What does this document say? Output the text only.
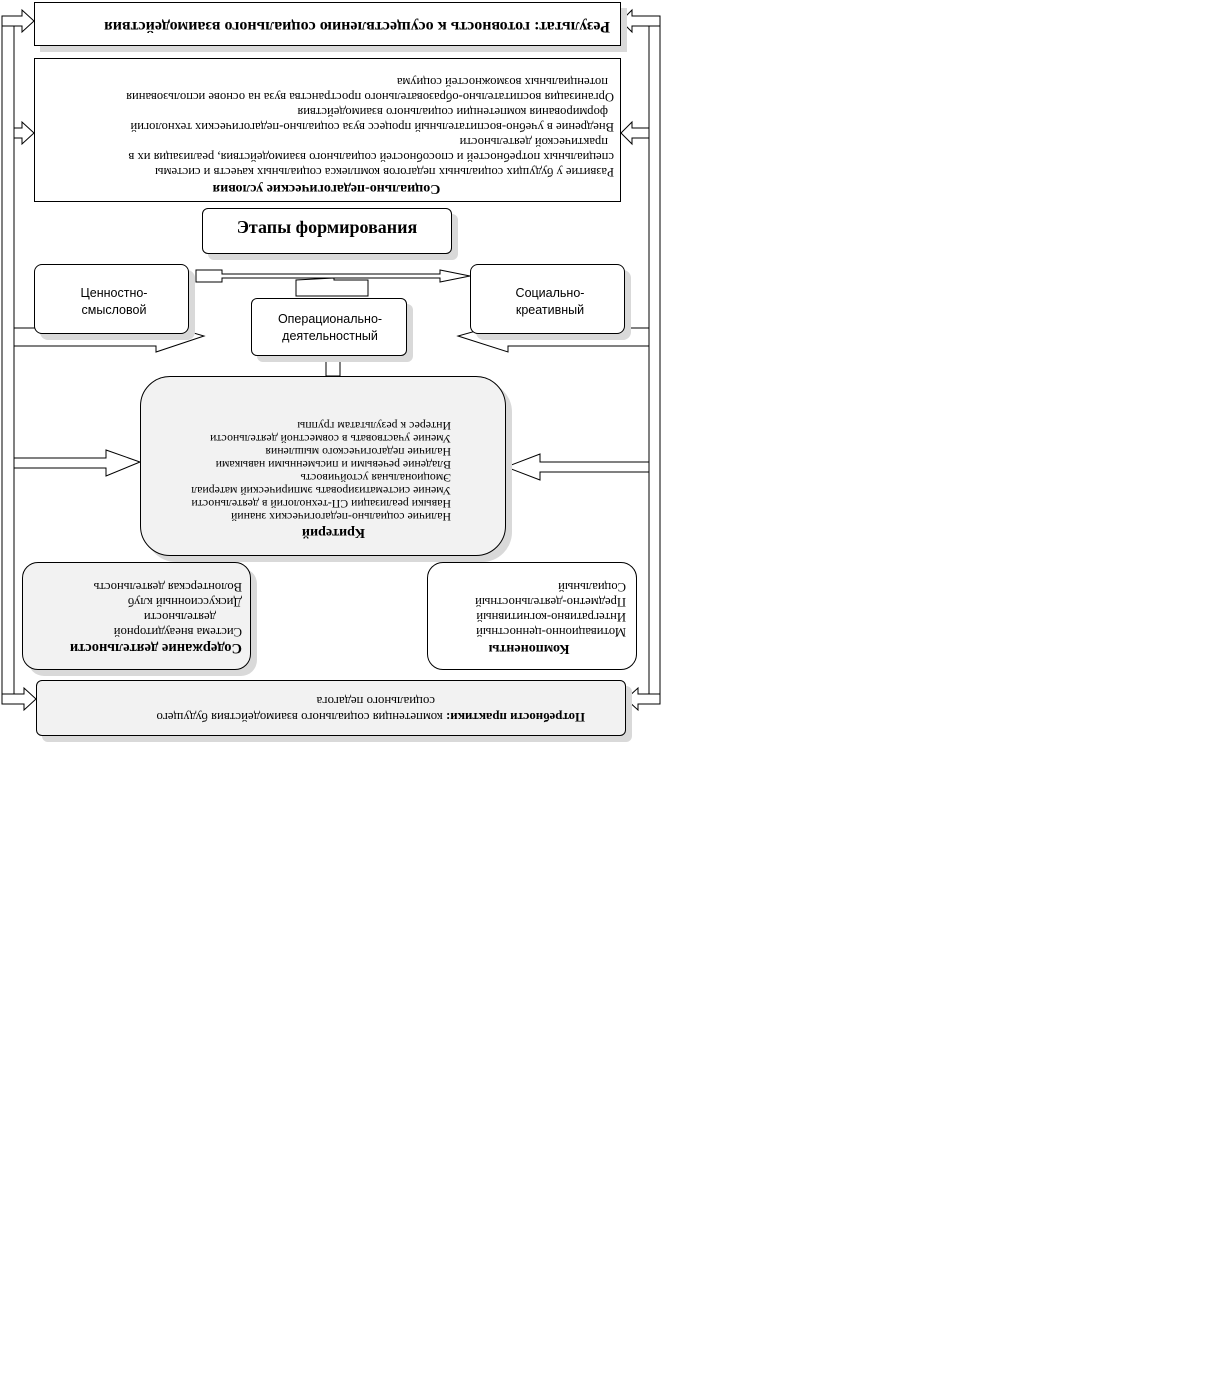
Результат: готовность к осуществлению социального взаимодействия
Социально-педагогические условия
Развитие у будущих социальных педагогов комплекса социальных качеств и системы
специальных потребностей и способностей социального взаимодействия, реализация их в
практической деятельности
Внедрение в учебно-воспитательный процесс вуза социально-педагогических технологий
формирования компетенции социального взаимодействия
Организация воспитательно-образовательного пространства вуза на основе использования
потенциальных возможностей социума
Этапы формирования
Ценностно-смысловой
Операционально-деятельностный
Социально-креативный
Критерий
Наличие социально-педагогических знаний
Навыки реализации СП-технологий в деятельности
Умение систематизировать эмпирический материал
Эмоциональная устойчивость
Владение речевыми и письменными навыками
Наличие педагогического мышления
Умение участвовать в совместной деятельности
Интерес к результатам группы
Содержание деятельности
Система внеаудиторной
деятельности
Дискуссионный клуб
Волонтерская деятельность
Компоненты
Мотивационно-ценностный
Интегративно-когнитивный
Предметно-деятельностный
Социальный
Потребности практики: компетенция социального взаимодействия будущего
социального педагога
